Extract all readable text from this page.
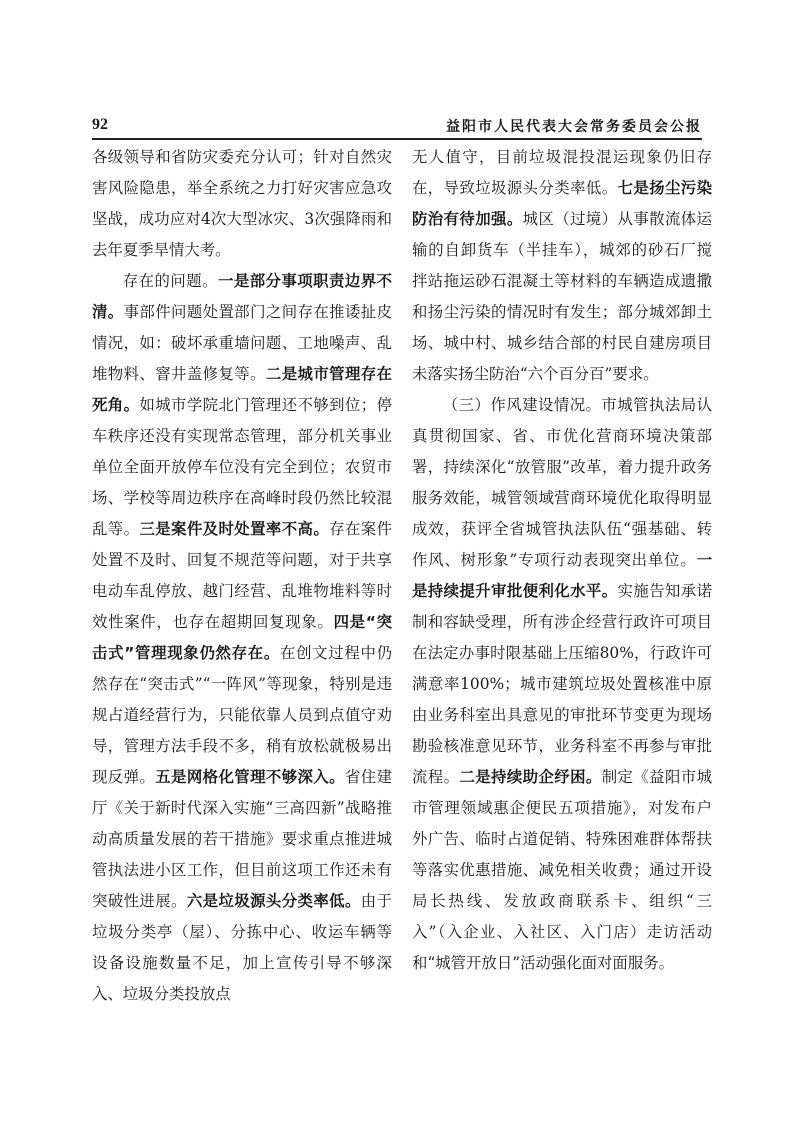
92	益阳市人民代表大会常务委员会公报

各级领导和省防灾委充分认可；针对自然灾害风险隐患，举全系统之力打好灾害应急攻坚战，成功应对4次大型冰灾、3次强降雨和去年夏季旱情大考。

存在的问题。一是部分事项职责边界不清。事部件问题处置部门之间存在推诿扯皮情况，如：破坏承重墙问题、工地噪声、乱堆物料、窨井盖修复等。二是城市管理存在死角。如城市学院北门管理还不够到位；停车秩序还没有实现常态管理，部分机关事业单位全面开放停车位没有完全到位；农贸市场、学校等周边秩序在高峰时段仍然比较混乱等。三是案件及时处置率不高。存在案件处置不及时、回复不规范等问题，对于共享电动车乱停放、越门经营、乱堆物堆料等时效性案件，也存在超期回复现象。四是“突击式”管理现象仍然存在。在创文过程中仍然存在“突击式”“一阵风”等现象，特别是违规占道经营行为，只能依靠人员到点值守劝导，管理方法手段不多，稍有放松就极易出现反弹。五是网格化管理不够深入。省住建厅《关于新时代深入实施“三高四新”战略推动高质量发展的若干措施》要求重点推进城管执法进小区工作，但目前这项工作还未有突破性进展。六是垃圾源头分类率低。由于垃圾分类亭（屋）、分拣中心、收运车辆等设备设施数量不足，加上宣传引导不够深入、垃圾分类投放点

无人值守，目前垃圾混投混运现象仍旧存在，导致垃圾源头分类率低。七是扬尘污染防治有待加强。城区（过境）从事散流体运输的自卸货车（半挂车），城郊的砂石厂搅拌站拖运砂石混凝土等材料的车辆造成遗撒和扬尘污染的情况时有发生；部分城郊卸土场、城中村、城乡结合部的村民自建房项目未落实扬尘防治“六个百分百”要求。

（三）作风建设情况。市城管执法局认真贯彻国家、省、市优化营商环境决策部署，持续深化“放管服”改革，着力提升政务服务效能，城管领域营商环境优化取得明显成效，获评全省城管执法队伍“强基础、转作风、树形象”专项行动表现突出单位。一是持续提升审批便利化水平。实施告知承诺制和容缺受理，所有涉企经营行政许可项目在法定办事时限基础上压缩80%，行政许可满意率100%；城市建筑垃圾处置核准中原由业务科室出具意见的审批环节变更为现场勘验核准意见环节，业务科室不再参与审批流程。二是持续助企纾困。制定《益阳市城市管理领域惠企便民五项措施》，对发布户外广告、临时占道促销、特殊困难群体帮扶等落实优惠措施、减免相关收费；通过开设局长热线、发放政商联系卡、组织“三入”（入企业、入社区、入门店）走访活动和“城管开放日”活动强化面对面服务。
